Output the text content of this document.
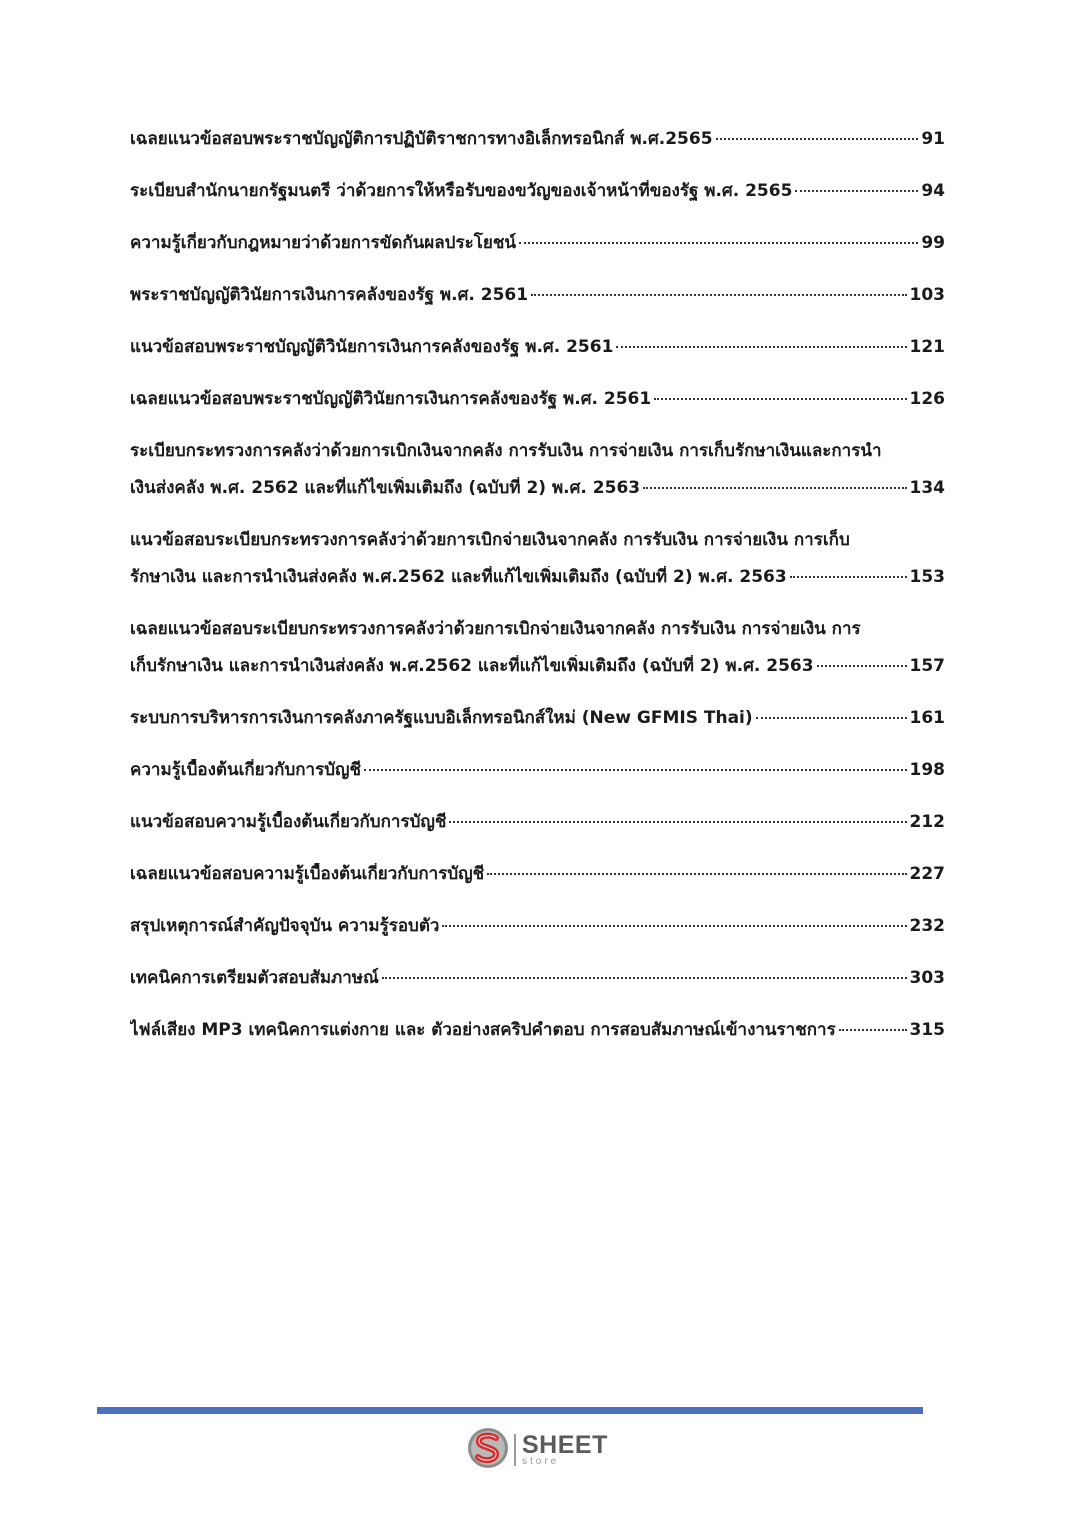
เฉลยแนวข้อสอบพระราชบัญญัติการปฏิบัติราชการทางอิเล็กทรอนิกส์ พ.ศ.2565	91
ระเบียบสำนักนายกรัฐมนตรี ว่าด้วยการให้หรือรับของขวัญของเจ้าหน้าที่ของรัฐ พ.ศ. 2565	94
ความรู้เกี่ยวกับกฎหมายว่าด้วยการขัดกันผลประโยชน์	99
พระราชบัญญัติวินัยการเงินการคลังของรัฐ พ.ศ. 2561	103
แนวข้อสอบพระราชบัญญัติวินัยการเงินการคลังของรัฐ พ.ศ. 2561	121
เฉลยแนวข้อสอบพระราชบัญญัติวินัยการเงินการคลังของรัฐ พ.ศ. 2561	126
ระเบียบกระทรวงการคลังว่าด้วยการเบิกเงินจากคลัง การรับเงิน การจ่ายเงิน การเก็บรักษาเงินและการนำ
เงินส่งคลัง พ.ศ. 2562 และที่แก้ไขเพิ่มเติมถึง (ฉบับที่ 2) พ.ศ. 2563	134
แนวข้อสอบระเบียบกระทรวงการคลังว่าด้วยการเบิกจ่ายเงินจากคลัง การรับเงิน การจ่ายเงิน การเก็บ
รักษาเงิน และการนำเงินส่งคลัง พ.ศ.2562 และที่แก้ไขเพิ่มเติมถึง (ฉบับที่ 2) พ.ศ. 2563	153
เฉลยแนวข้อสอบระเบียบกระทรวงการคลังว่าด้วยการเบิกจ่ายเงินจากคลัง การรับเงิน การจ่ายเงิน การ
เก็บรักษาเงิน และการนำเงินส่งคลัง พ.ศ.2562 และที่แก้ไขเพิ่มเติมถึง (ฉบับที่ 2) พ.ศ. 2563	157
ระบบการบริหารการเงินการคลังภาครัฐแบบอิเล็กทรอนิกส์ใหม่ (New GFMIS Thai)	161
ความรู้เบื้องต้นเกี่ยวกับการบัญชี	198
แนวข้อสอบความรู้เบื้องต้นเกี่ยวกับการบัญชี	212
เฉลยแนวข้อสอบความรู้เบื้องต้นเกี่ยวกับการบัญชี	227
สรุปเหตุการณ์สำคัญปัจจุบัน ความรู้รอบตัว	232
เทคนิคการเตรียมตัวสอบสัมภาษณ์	303
ไฟล์เสียง MP3 เทคนิคการแต่งกาย และ ตัวอย่างสคริปคำตอบ การสอบสัมภาษณ์เข้างานราชการ	315
SHEET
store
